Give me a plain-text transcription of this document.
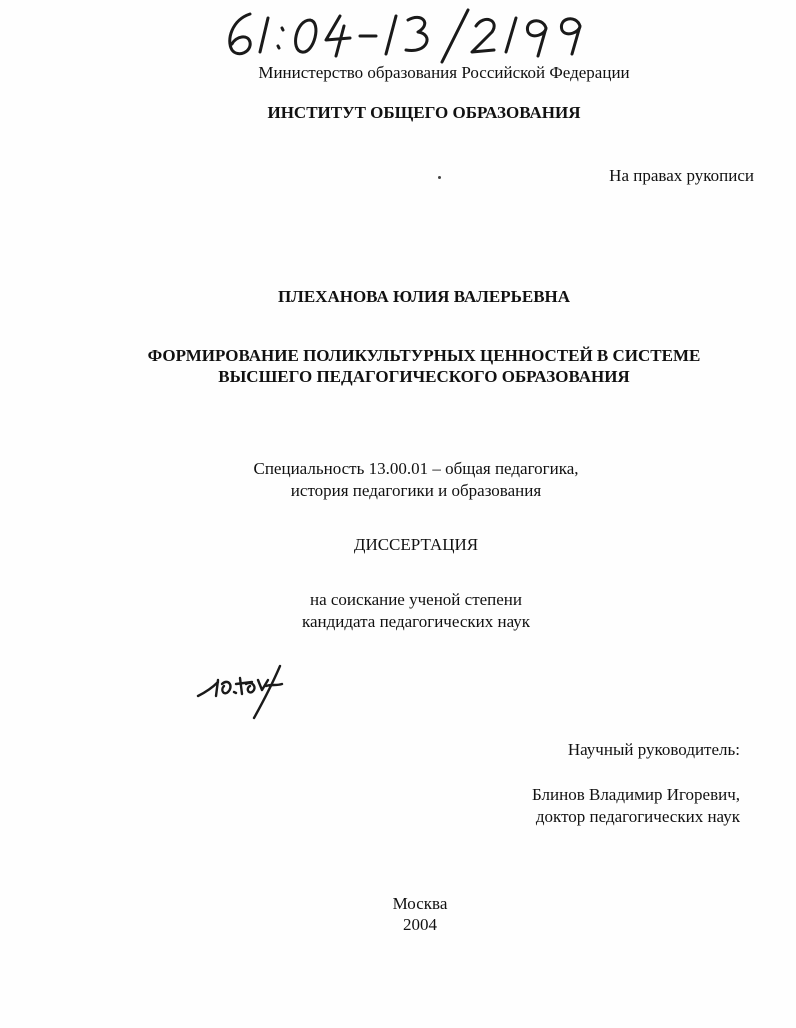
Министерство образования Российской Федерации
ИНСТИТУТ ОБЩЕГО ОБРАЗОВАНИЯ
На правах рукописи
ПЛЕХАНОВА ЮЛИЯ ВАЛЕРЬЕВНА
ФОРМИРОВАНИЕ ПОЛИКУЛЬТУРНЫХ ЦЕННОСТЕЙ В СИСТЕМЕ
ВЫСШЕГО ПЕДАГОГИЧЕСКОГО ОБРАЗОВАНИЯ
Специальность 13.00.01 – общая педагогика,
история педагогики и образования
ДИССЕРТАЦИЯ
на соискание ученой степени
кандидата педагогических наук
Научный руководитель:
Блинов Владимир Игоревич,
доктор педагогических наук
Москва
2004
